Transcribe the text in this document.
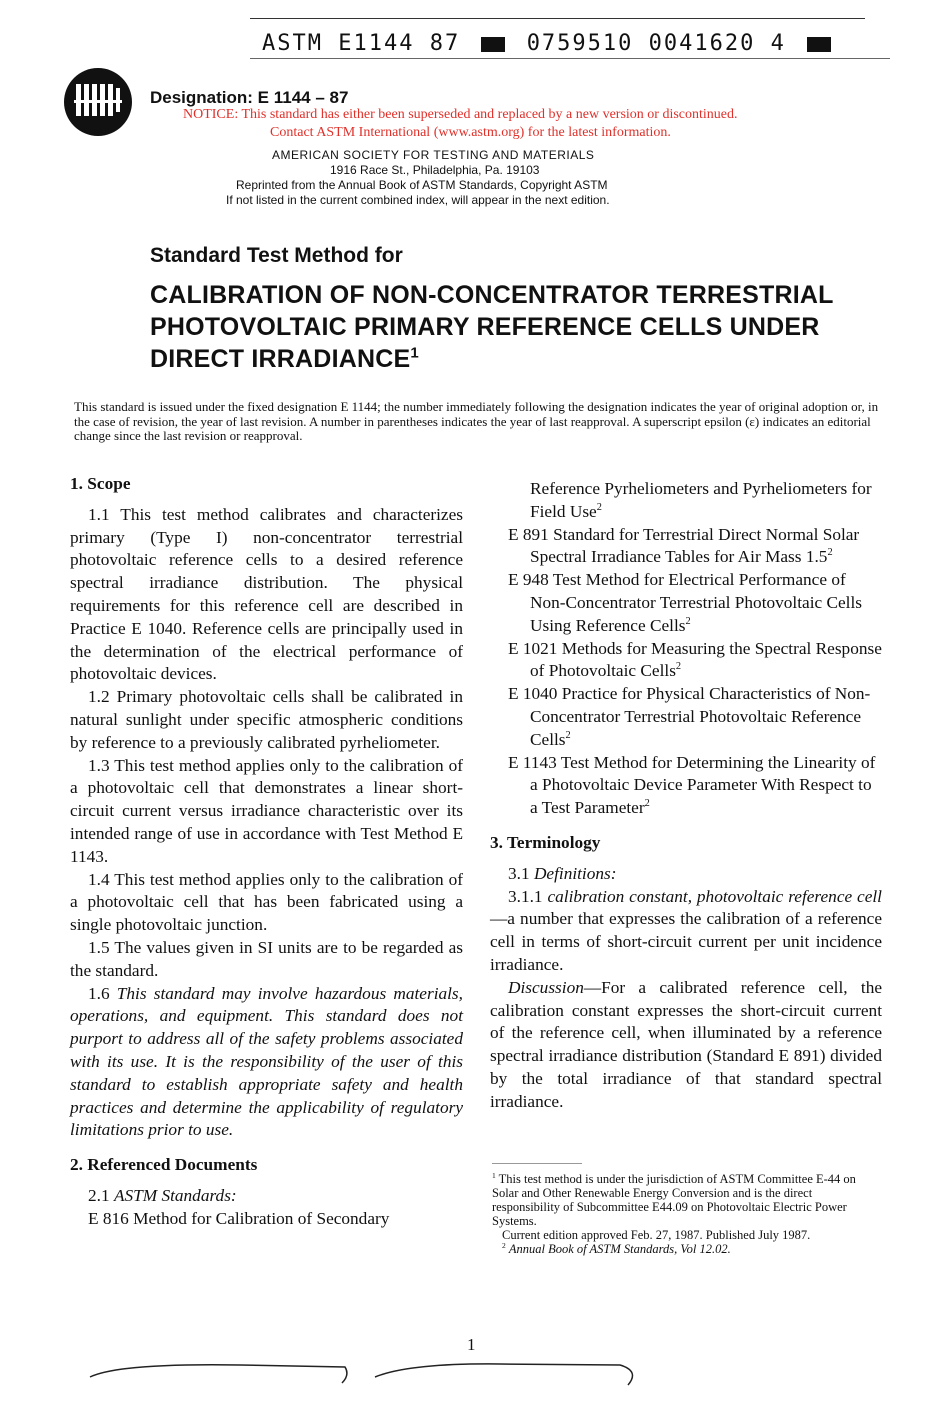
ASTM E1144 87	0759510 0041620 4
Designation: E 1144 – 87
NOTICE: This standard has either been superseded and replaced by a new version or discontinued.
Contact ASTM International (www.astm.org) for the latest information.
AMERICAN SOCIETY FOR TESTING AND MATERIALS
1916 Race St., Philadelphia, Pa. 19103
Reprinted from the Annual Book of ASTM Standards, Copyright ASTM
If not listed in the current combined index, will appear in the next edition.
Standard Test Method for
CALIBRATION OF NON-CONCENTRATOR TERRESTRIAL
PHOTOVOLTAIC PRIMARY REFERENCE CELLS UNDER
DIRECT IRRADIANCE$^1$
This standard is issued under the fixed designation E 1144; the number immediately following the designation indicates the year of original adoption or, in the case of revision, the year of last revision. A number in parentheses indicates the year of last reapproval. A superscript epsilon (ε) indicates an editorial change since the last revision or reapproval.

1. Scope

1.1 This test method calibrates and characterizes primary (Type I) non-concentrator terrestrial photovoltaic reference cells to a desired reference spectral irradiance distribution. The physical requirements for this reference cell are described in Practice E 1040. Reference cells are principally used in the determination of the electrical performance of photovoltaic devices.

1.2 Primary photovoltaic cells shall be calibrated in natural sunlight under specific atmospheric conditions by reference to a previously calibrated pyrheliometer.

1.3 This test method applies only to the calibration of a photovoltaic cell that demonstrates a linear short-circuit current versus irradiance characteristic over its intended range of use in accordance with Test Method E 1143.

1.4 This test method applies only to the calibration of a photovoltaic cell that has been fabricated using a single photovoltaic junction.

1.5 The values given in SI units are to be regarded as the standard.

1.6 This standard may involve hazardous materials, operations, and equipment. This standard does not purport to address all of the safety problems associated with its use. It is the responsibility of the user of this standard to establish appropriate safety and health practices and determine the applicability of regulatory limitations prior to use.

2. Referenced Documents

2.1 ASTM Standards:

E 816 Method for Calibration of Secondary

Reference Pyrheliometers and Pyrheliometers for Field Use$^2$

E 891 Standard for Terrestrial Direct Normal Solar Spectral Irradiance Tables for Air Mass $1.5^2$

E 948 Test Method for Electrical Performance of Non-Concentrator Terrestrial Photovoltaic Cells Using Reference Cells$^2$

E 1021 Methods for Measuring the Spectral Response of Photovoltaic Cells$^2$

E 1040 Practice for Physical Characteristics of Non-Concentrator Terrestrial Photovoltaic Reference Cells$^2$

E 1143 Test Method for Determining the Linearity of a Photovoltaic Device Parameter With Respect to a Test Parameter$^2$

3. Terminology

3.1 Definitions:

3.1.1 calibration constant, photovoltaic reference cell—a number that expresses the calibration of a reference cell in terms of short-circuit current per unit incidence irradiance.

Discussion—For a calibrated reference cell, the calibration constant expresses the short-circuit current of the reference cell, when illuminated by a reference spectral irradiance distribution (Standard E 891) divided by the total irradiance of that standard spectral irradiance.

$^1$ This test method is under the jurisdiction of ASTM Committee E-44 on Solar and Other Renewable Energy Conversion and is the direct responsibility of Subcommittee E44.09 on Photovoltaic Electric Power Systems.

Current edition approved Feb. 27, 1987. Published July 1987.

$^2$ Annual Book of ASTM Standards, Vol 12.02.

1
